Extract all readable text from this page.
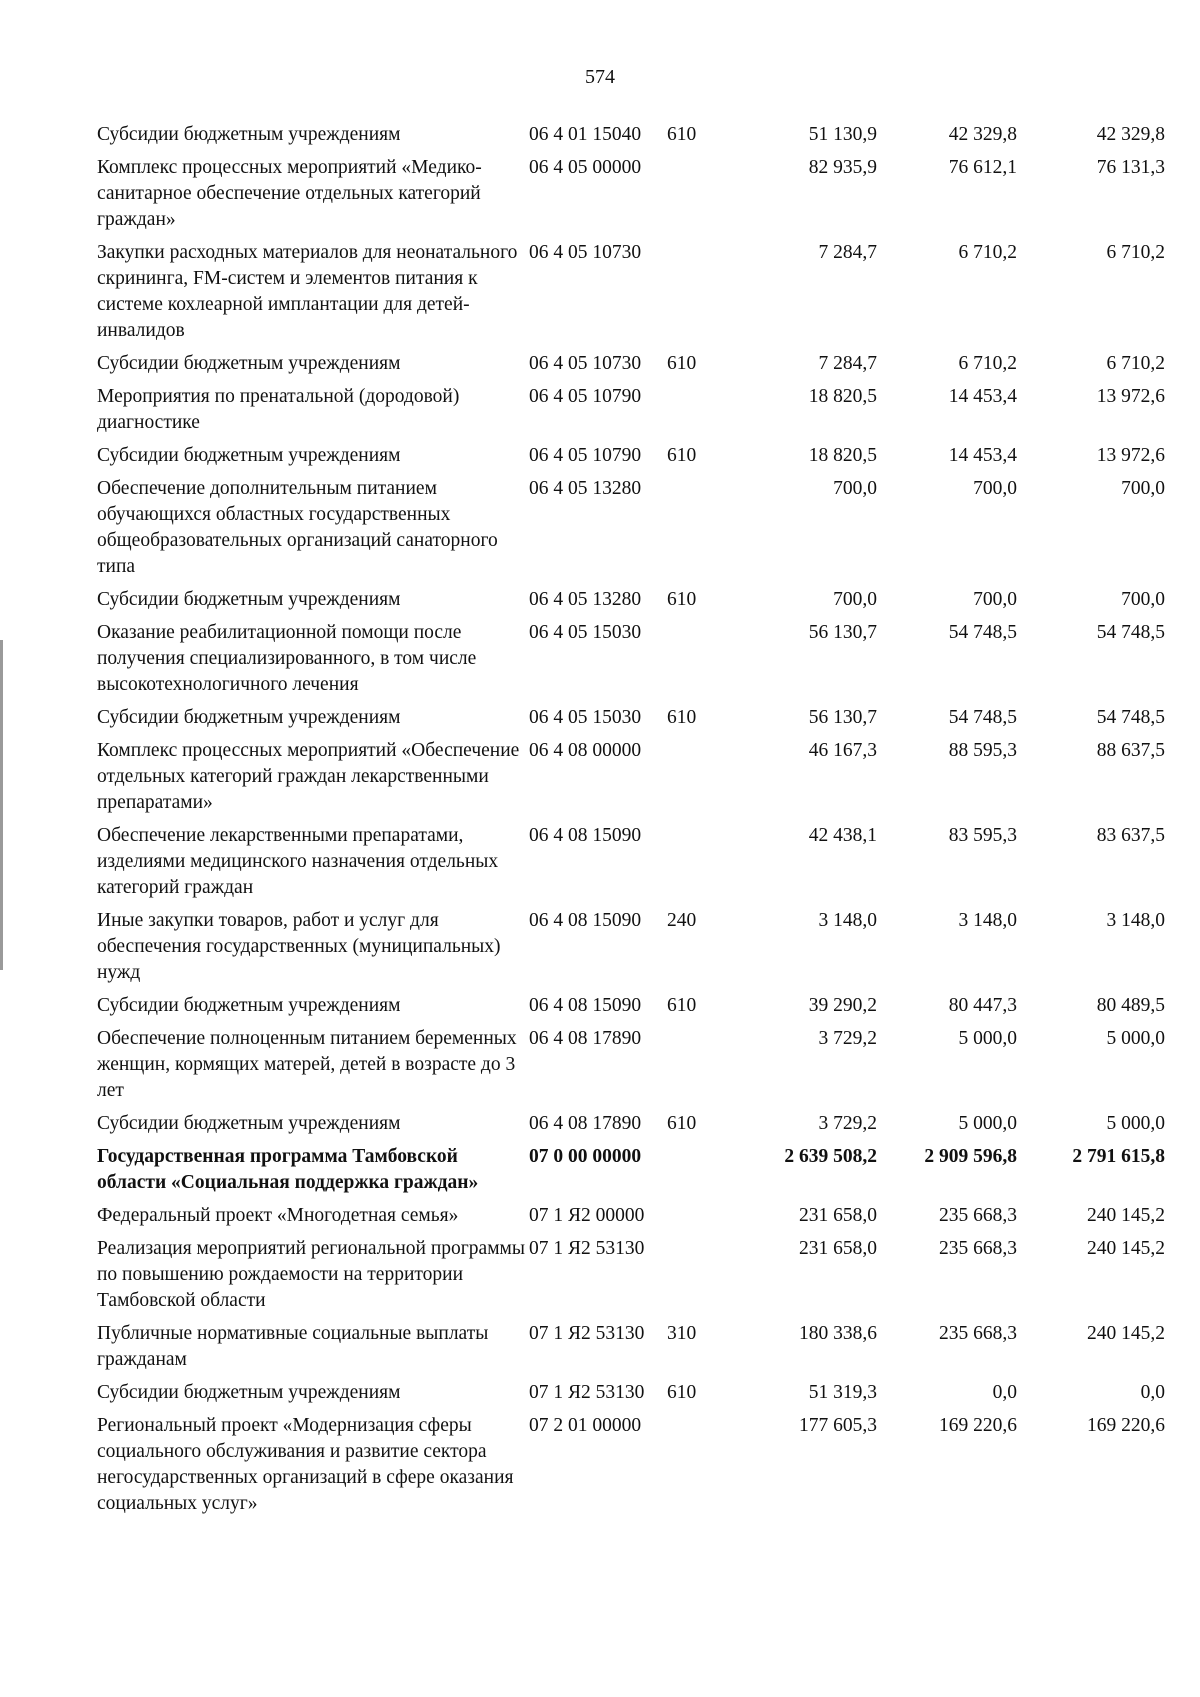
574
Субсидии бюджетным учреждениям	06 4 01 15040	610	51 130,9	42 329,8	42 329,8
Комплекс процессных мероприятий «Медико-санитарное обеспечение отдельных категорий граждан»	06 4 05 00000		82 935,9	76 612,1	76 131,3
Закупки расходных материалов для неонатального скрининга, FM-систем и элементов питания к системе кохлеарной имплантации для детей-инвалидов	06 4 05 10730		7 284,7	6 710,2	6 710,2
Субсидии бюджетным учреждениям	06 4 05 10730	610	7 284,7	6 710,2	6 710,2
Мероприятия по пренатальной (дородовой) диагностике	06 4 05 10790		18 820,5	14 453,4	13 972,6
Субсидии бюджетным учреждениям	06 4 05 10790	610	18 820,5	14 453,4	13 972,6
Обеспечение дополнительным питанием обучающихся областных государственных общеобразовательных организаций санаторного типа	06 4 05 13280		700,0	700,0	700,0
Субсидии бюджетным учреждениям	06 4 05 13280	610	700,0	700,0	700,0
Оказание реабилитационной помощи после получения специализированного, в том числе высокотехнологичного лечения	06 4 05 15030		56 130,7	54 748,5	54 748,5
Субсидии бюджетным учреждениям	06 4 05 15030	610	56 130,7	54 748,5	54 748,5
Комплекс процессных мероприятий «Обеспечение отдельных категорий граждан лекарственными препаратами»	06 4 08 00000		46 167,3	88 595,3	88 637,5
Обеспечение лекарственными препаратами, изделиями медицинского назначения отдельных категорий граждан	06 4 08 15090		42 438,1	83 595,3	83 637,5
Иные закупки товаров, работ и услуг для обеспечения государственных (муниципальных) нужд	06 4 08 15090	240	3 148,0	3 148,0	3 148,0
Субсидии бюджетным учреждениям	06 4 08 15090	610	39 290,2	80 447,3	80 489,5
Обеспечение полноценным питанием беременных женщин, кормящих матерей, детей в возрасте до 3 лет	06 4 08 17890		3 729,2	5 000,0	5 000,0
Субсидии бюджетным учреждениям	06 4 08 17890	610	3 729,2	5 000,0	5 000,0
Государственная программа Тамбовской области «Социальная поддержка граждан»	07 0 00 00000		2 639 508,2	2 909 596,8	2 791 615,8
Федеральный проект «Многодетная семья»	07 1 Я2 00000		231 658,0	235 668,3	240 145,2
Реализация мероприятий региональной программы по повышению рождаемости на территории Тамбовской области	07 1 Я2 53130		231 658,0	235 668,3	240 145,2
Публичные нормативные социальные выплаты гражданам	07 1 Я2 53130	310	180 338,6	235 668,3	240 145,2
Субсидии бюджетным учреждениям	07 1 Я2 53130	610	51 319,3	0,0	0,0
Региональный проект «Модернизация сферы социального обслуживания и развитие сектора негосударственных организаций в сфере оказания социальных услуг»	07 2 01 00000		177 605,3	169 220,6	169 220,6
